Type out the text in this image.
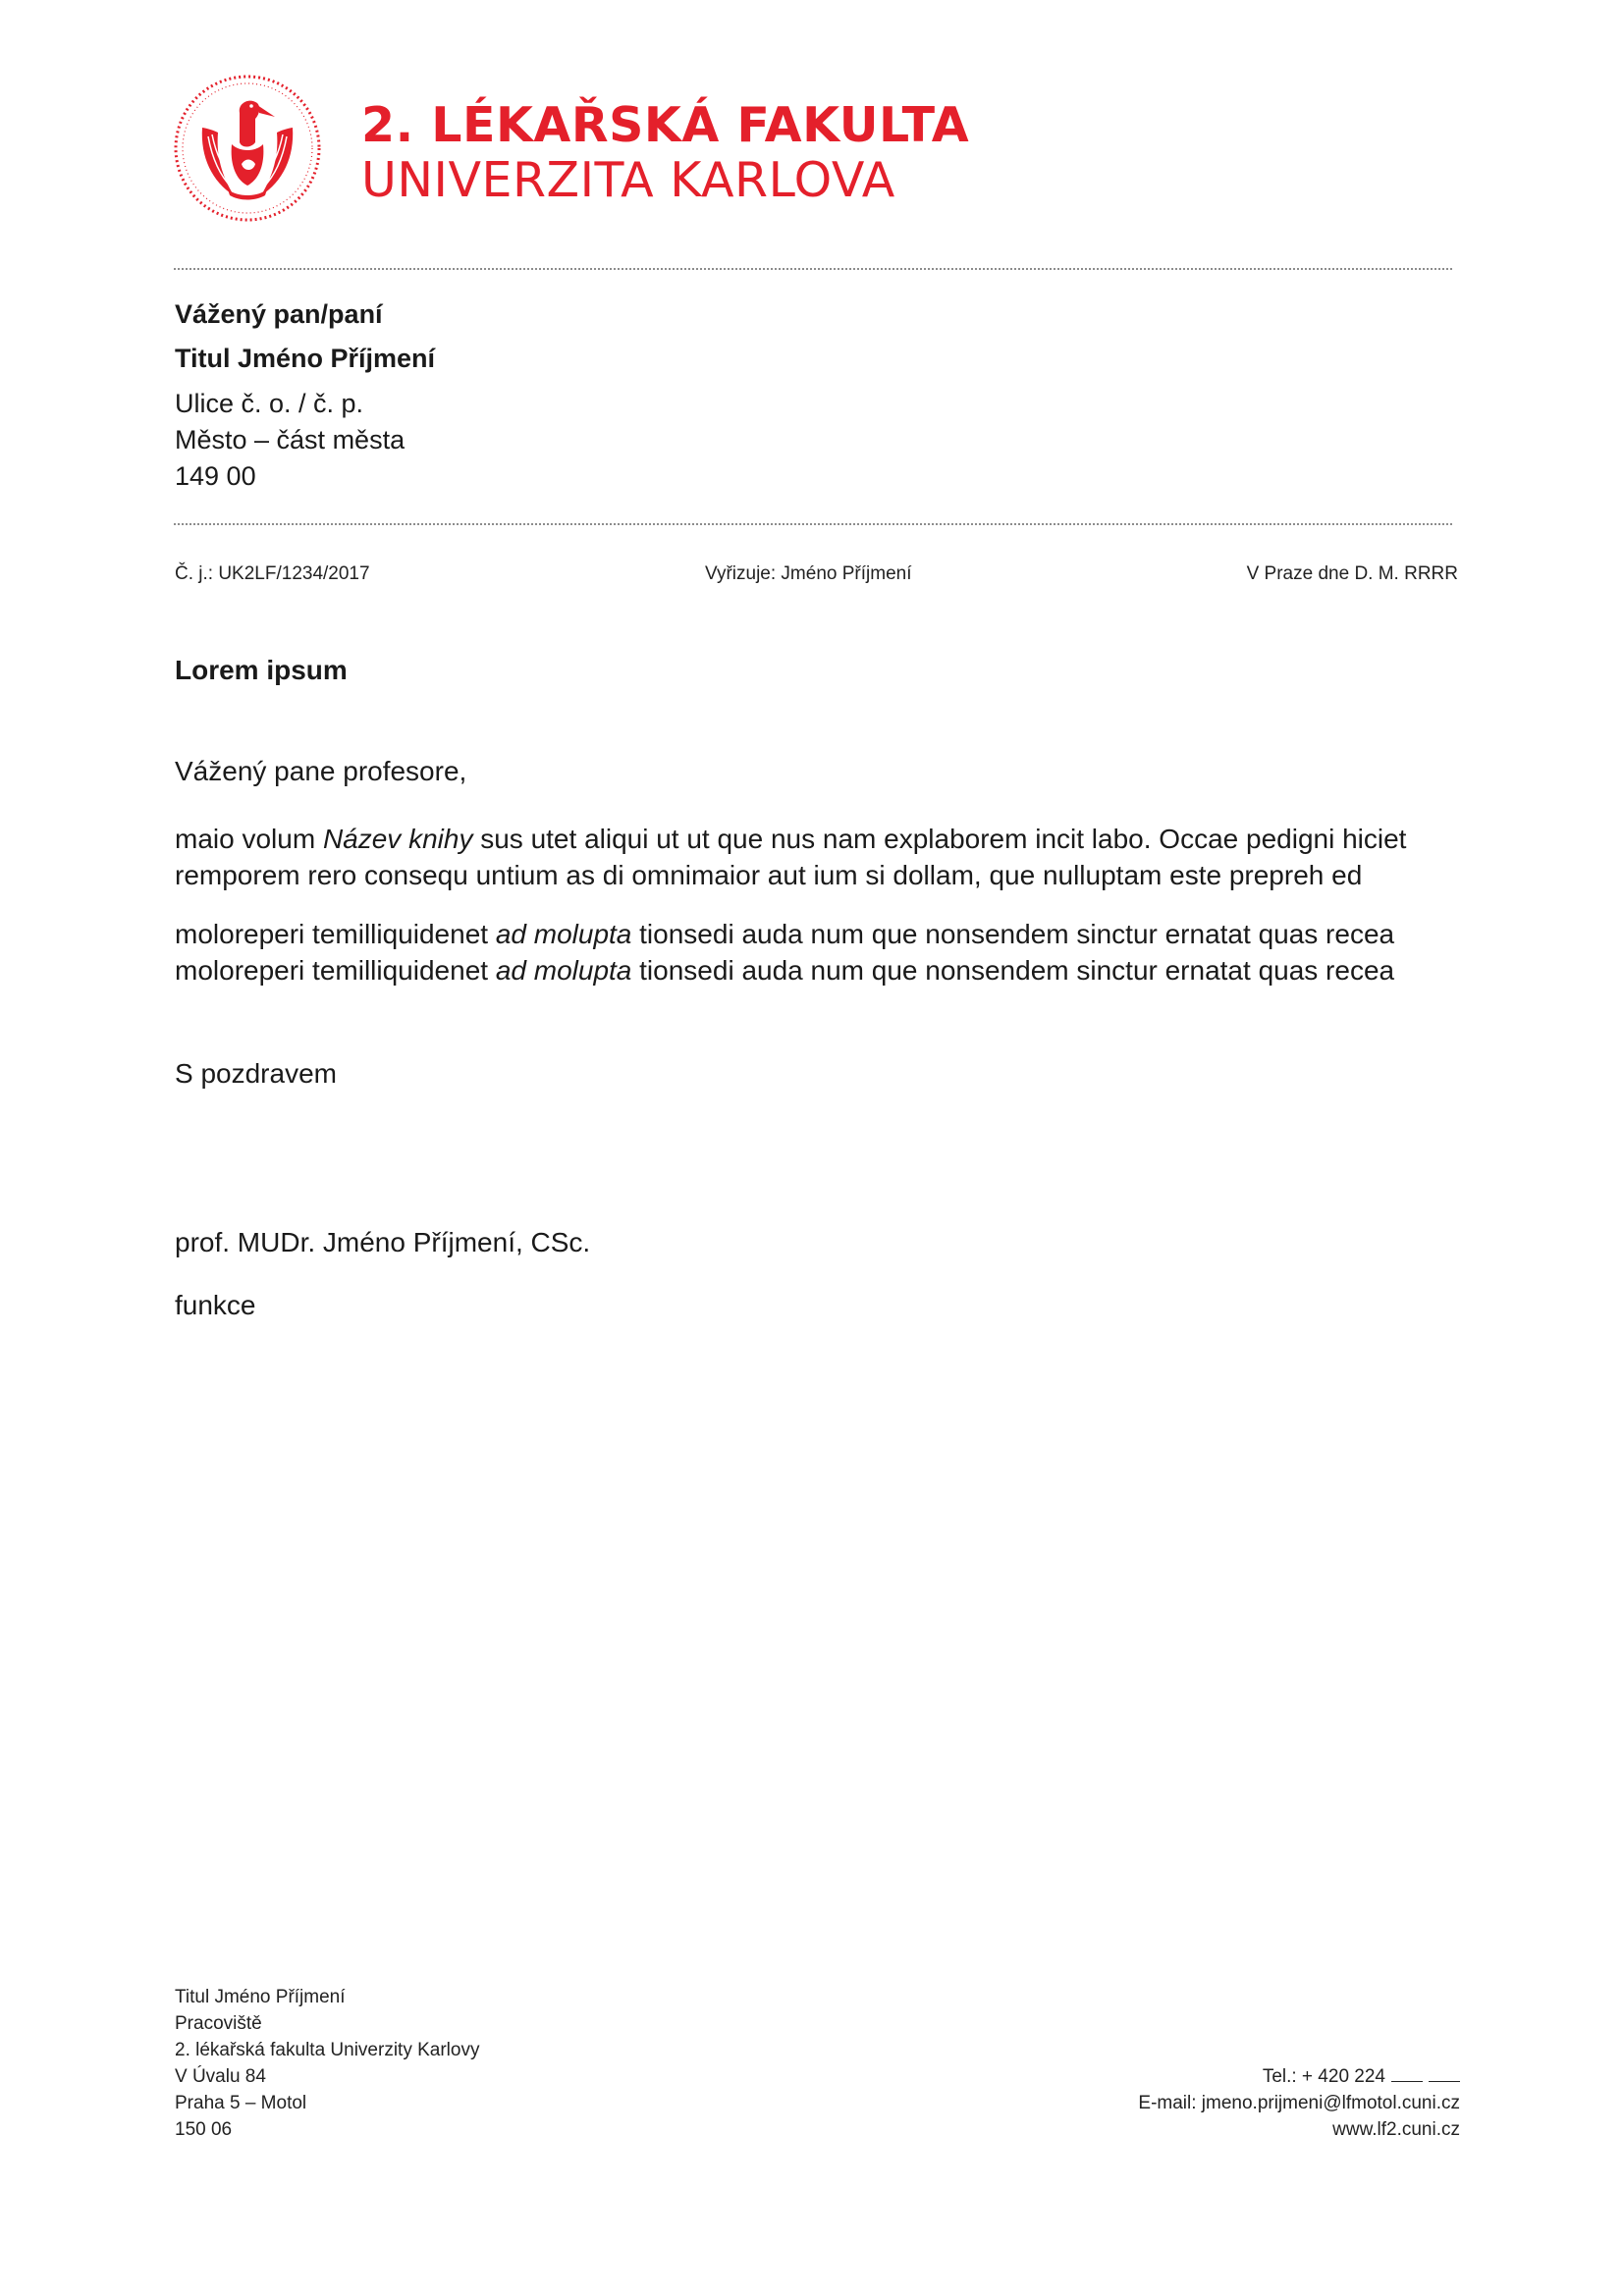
2. LÉKAŘSKÁ FAKULTA
UNIVERZITA KARLOVA
Vážený pan/paní
Titul Jméno Příjmení
Ulice č. o. / č. p.
Město – část města
149 00
Č. j.: UK2LF/1234/2017	Vyřizuje: Jméno Příjmení	V Praze dne D. M. RRRR
Lorem ipsum
Vážený pane profesore,
maio volum Název knihy sus utet aliqui ut ut que nus nam explaborem incit labo. Occae pedigni hiciet
remporem rero consequ untium as di omnimaior aut ium si dollam, que nulluptam este prepreh ed
moloreperi temilliquidenet ad molupta tionsedi auda num que nonsendem sinctur ernatat quas recea
moloreperi temilliquidenet ad molupta tionsedi auda num que nonsendem sinctur ernatat quas recea
S pozdravem
prof. MUDr. Jméno Příjmení, CSc.
funkce
Titul Jméno Příjmení
Pracoviště
2. lékařská fakulta Univerzity Karlovy
V Úvalu 84
Praha 5 – Motol
150 06
Tel.: + 420 224
E-mail: jmeno.prijmeni@lfmotol.cuni.cz
www.lf2.cuni.cz
